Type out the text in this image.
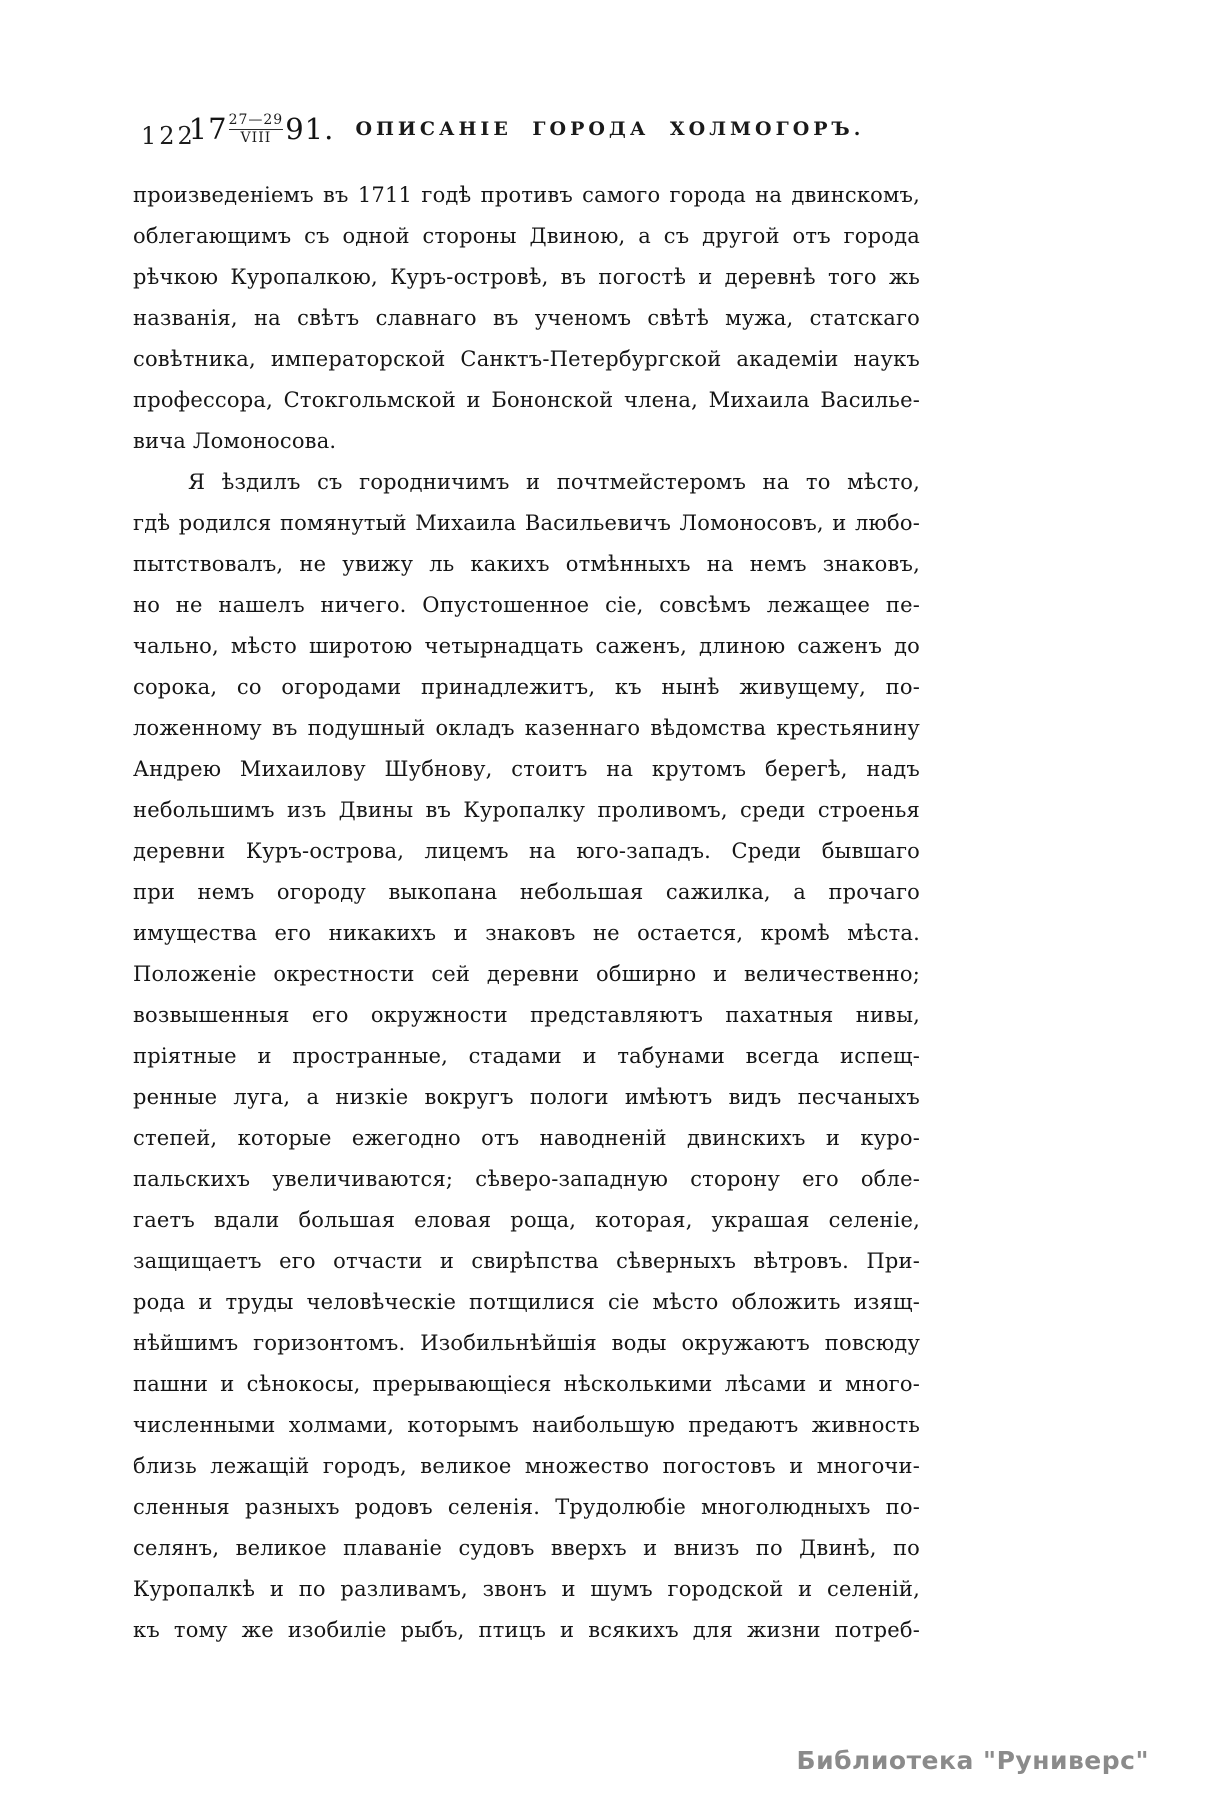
122
$17 \frac{27—29}{\text{VIII}} 91$. ОПИСАНІЕ ГОРОДА ХОЛМОГОРЪ.
произведеніемъ въ 1711 годѣ противъ самого города на двинскомъ,
облегающимъ съ одной стороны Двиною, а съ другой отъ города
рѣчкою Куропалкою, Куръ-островѣ, въ погостѣ и деревнѣ того жь
названія, на свѣтъ славнаго въ ученомъ свѣтѣ мужа, статскаго
совѣтника, императорской Санктъ-Петербургской академіи наукъ
профессора, Стокгольмской и Бононской члена, Михаила Василье-
вича Ломоносова.
Я ѣздилъ съ городничимъ и почтмейстеромъ на то мѣсто,
гдѣ родился помянутый Михаила Васильевичъ Ломоносовъ, и любо-
пытствовалъ, не увижу ль какихъ отмѣнныхъ на немъ знаковъ,
но не нашелъ ничего. Опустошенное сіе, совсѣмъ лежащее пе-
чально, мѣсто широтою четырнадцать саженъ, длиною саженъ до
сорока, со огородами принадлежитъ, къ нынѣ живущему, по-
ложенному въ подушный окладъ казеннаго вѣдомства крестьянину
Андрею Михаилову Шубнову, стоитъ на крутомъ берегѣ, надъ
небольшимъ изъ Двины въ Куропалку проливомъ, среди строенья
деревни Куръ-острова, лицемъ на юго-западъ. Среди бывшаго
при немъ огороду выкопана небольшая сажилка, а прочаго
имущества его никакихъ и знаковъ не остается, кромѣ мѣста.
Положеніе окрестности сей деревни обширно и величественно;
возвышенныя его окружности представляютъ пахатныя нивы,
пріятные и пространные, стадами и табунами всегда испещ-
ренные луга, а низкіе вокругъ пологи имѣютъ видъ песчаныхъ
степей, которые ежегодно отъ наводненій двинскихъ и куро-
пальскихъ увеличиваются; сѣверо-западную сторону его обле-
гаетъ вдали большая еловая роща, которая, украшая селеніе,
защищаетъ его отчасти и свирѣпства сѣверныхъ вѣтровъ. При-
рода и труды человѣческіе потщилися сіе мѣсто обложить изящ-
нѣйшимъ горизонтомъ. Изобильнѣйшія воды окружаютъ повсюду
пашни и сѣнокосы, прерывающіеся нѣсколькими лѣсами и много-
численными холмами, которымъ наибольшую предаютъ живность
близь лежащій городъ, великое множество погостовъ и многочи-
сленныя разныхъ родовъ селенія. Трудолюбіе многолюдныхъ по-
селянъ, великое плаваніе судовъ вверхъ и внизъ по Двинѣ, по
Куропалкѣ и по разливамъ, звонъ и шумъ городской и селеній,
къ тому же изобиліе рыбъ, птицъ и всякихъ для жизни потреб-
Библиотека "Руниверс"
